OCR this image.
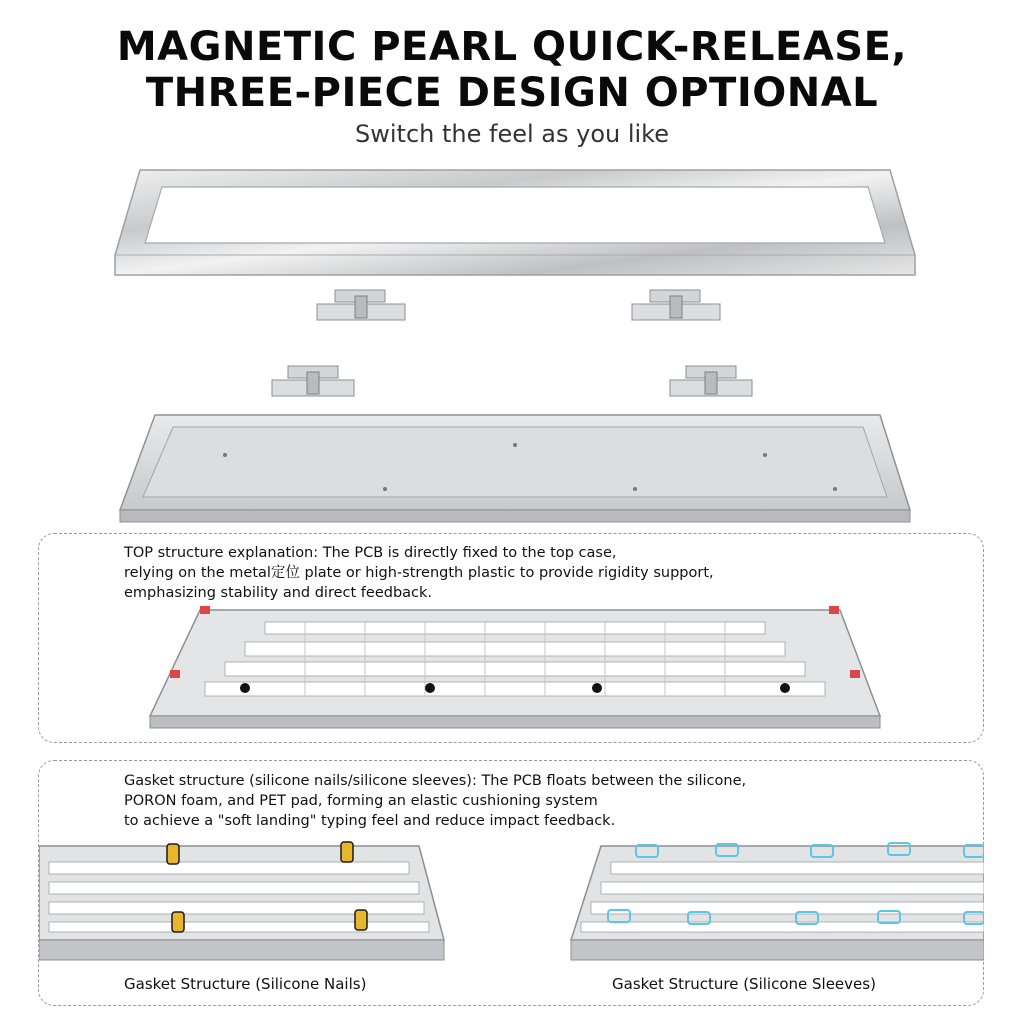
MAGNETIC PEARL QUICK-RELEASE,
THREE-PIECE DESIGN OPTIONAL
Switch the feel as you like
TOP structure explanation: The PCB is directly fixed to the top case,
relying on the metal定位 plate or high-strength plastic to provide rigidity support,
emphasizing stability and direct feedback.
Gasket structure (silicone nails/silicone sleeves): The PCB floats between the silicone,
PORON foam, and PET pad, forming an elastic cushioning system
to achieve a "soft landing" typing feel and reduce impact feedback.
Gasket Structure (Silicone Nails)	Gasket Structure (Silicone Sleeves)
